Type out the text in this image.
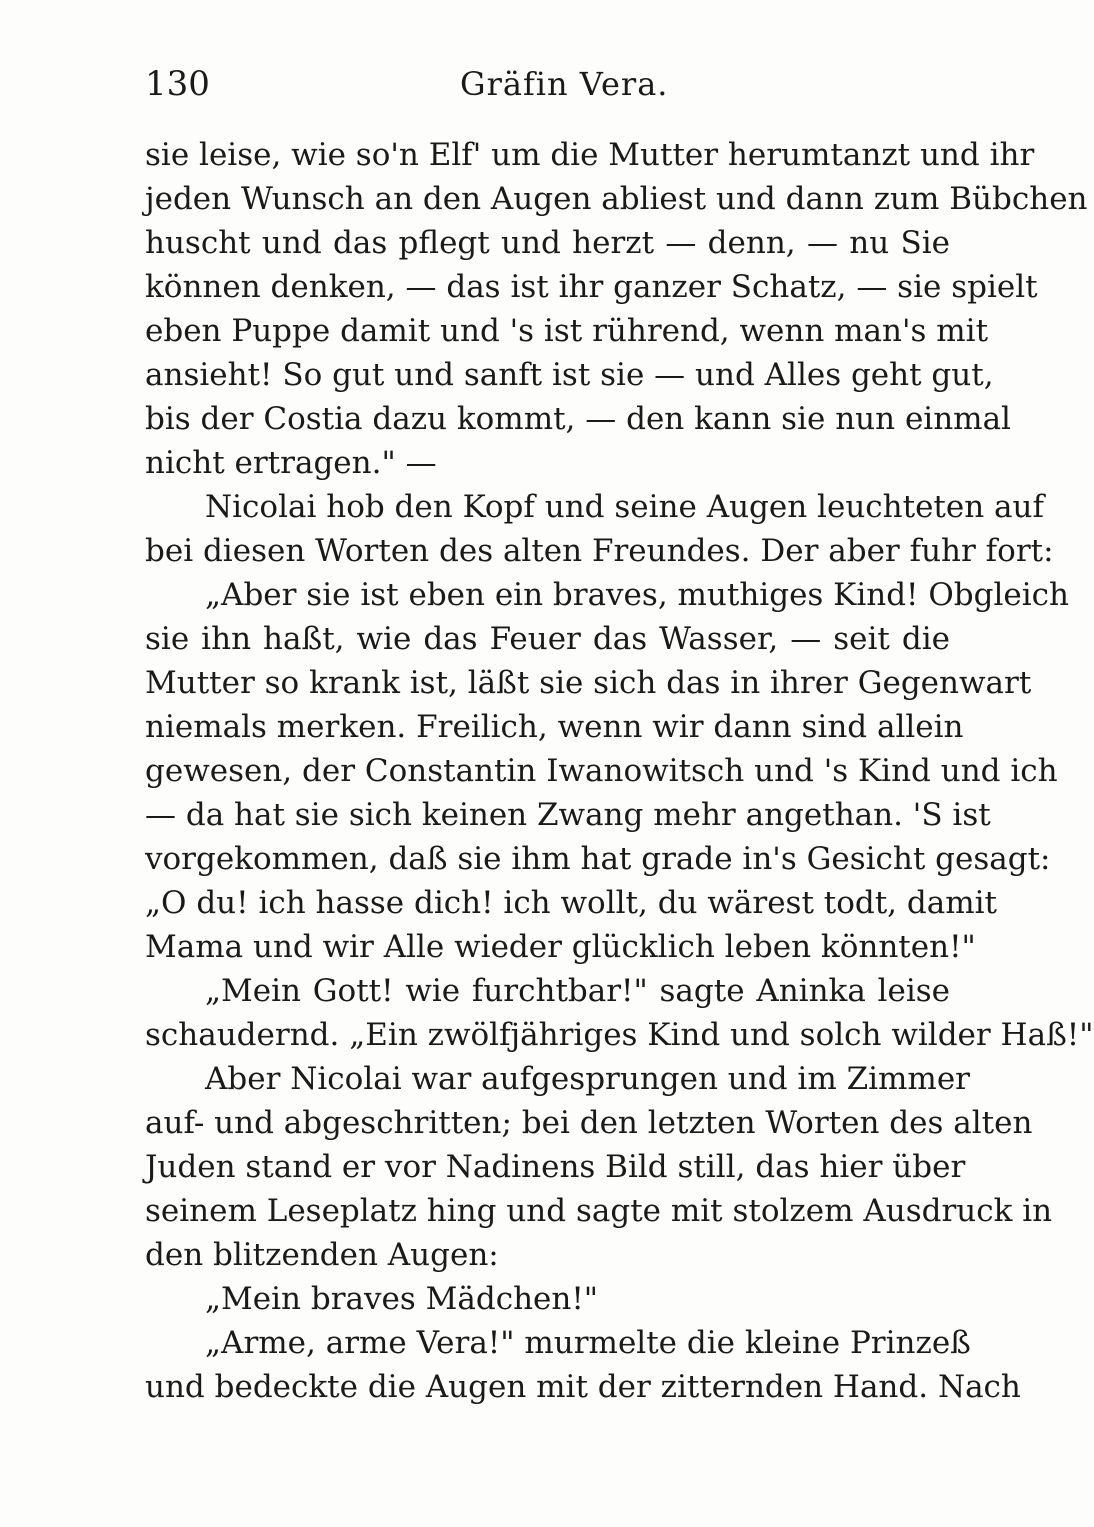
130	Gräfin Vera.
sie leise, wie so'n Elf' um die Mutter herumtanzt und ihr
jeden Wunsch an den Augen abliest und dann zum Bübchen
huscht und das pflegt und herzt — denn, — nu Sie
können denken, — das ist ihr ganzer Schatz, — sie spielt
eben Puppe damit und 's ist rührend, wenn man's mit
ansieht! So gut und sanft ist sie — und Alles geht gut,
bis der Costia dazu kommt, — den kann sie nun einmal
nicht ertragen." —
Nicolai hob den Kopf und seine Augen leuchteten auf
bei diesen Worten des alten Freundes. Der aber fuhr fort:
„Aber sie ist eben ein braves, muthiges Kind! Obgleich
sie ihn haßt, wie das Feuer das Wasser, — seit die
Mutter so krank ist, läßt sie sich das in ihrer Gegenwart
niemals merken. Freilich, wenn wir dann sind allein
gewesen, der Constantin Iwanowitsch und 's Kind und ich
— da hat sie sich keinen Zwang mehr angethan. 'S ist
vorgekommen, daß sie ihm hat grade in's Gesicht gesagt:
„O du! ich hasse dich! ich wollt, du wärest todt, damit
Mama und wir Alle wieder glücklich leben könnten!"
„Mein Gott! wie furchtbar!" sagte Aninka leise
schaudernd. „Ein zwölfjähriges Kind und solch wilder Haß!"
Aber Nicolai war aufgesprungen und im Zimmer
auf- und abgeschritten; bei den letzten Worten des alten
Juden stand er vor Nadinens Bild still, das hier über
seinem Leseplatz hing und sagte mit stolzem Ausdruck in
den blitzenden Augen:
„Mein braves Mädchen!"
„Arme, arme Vera!" murmelte die kleine Prinzeß
und bedeckte die Augen mit der zitternden Hand. Nach
